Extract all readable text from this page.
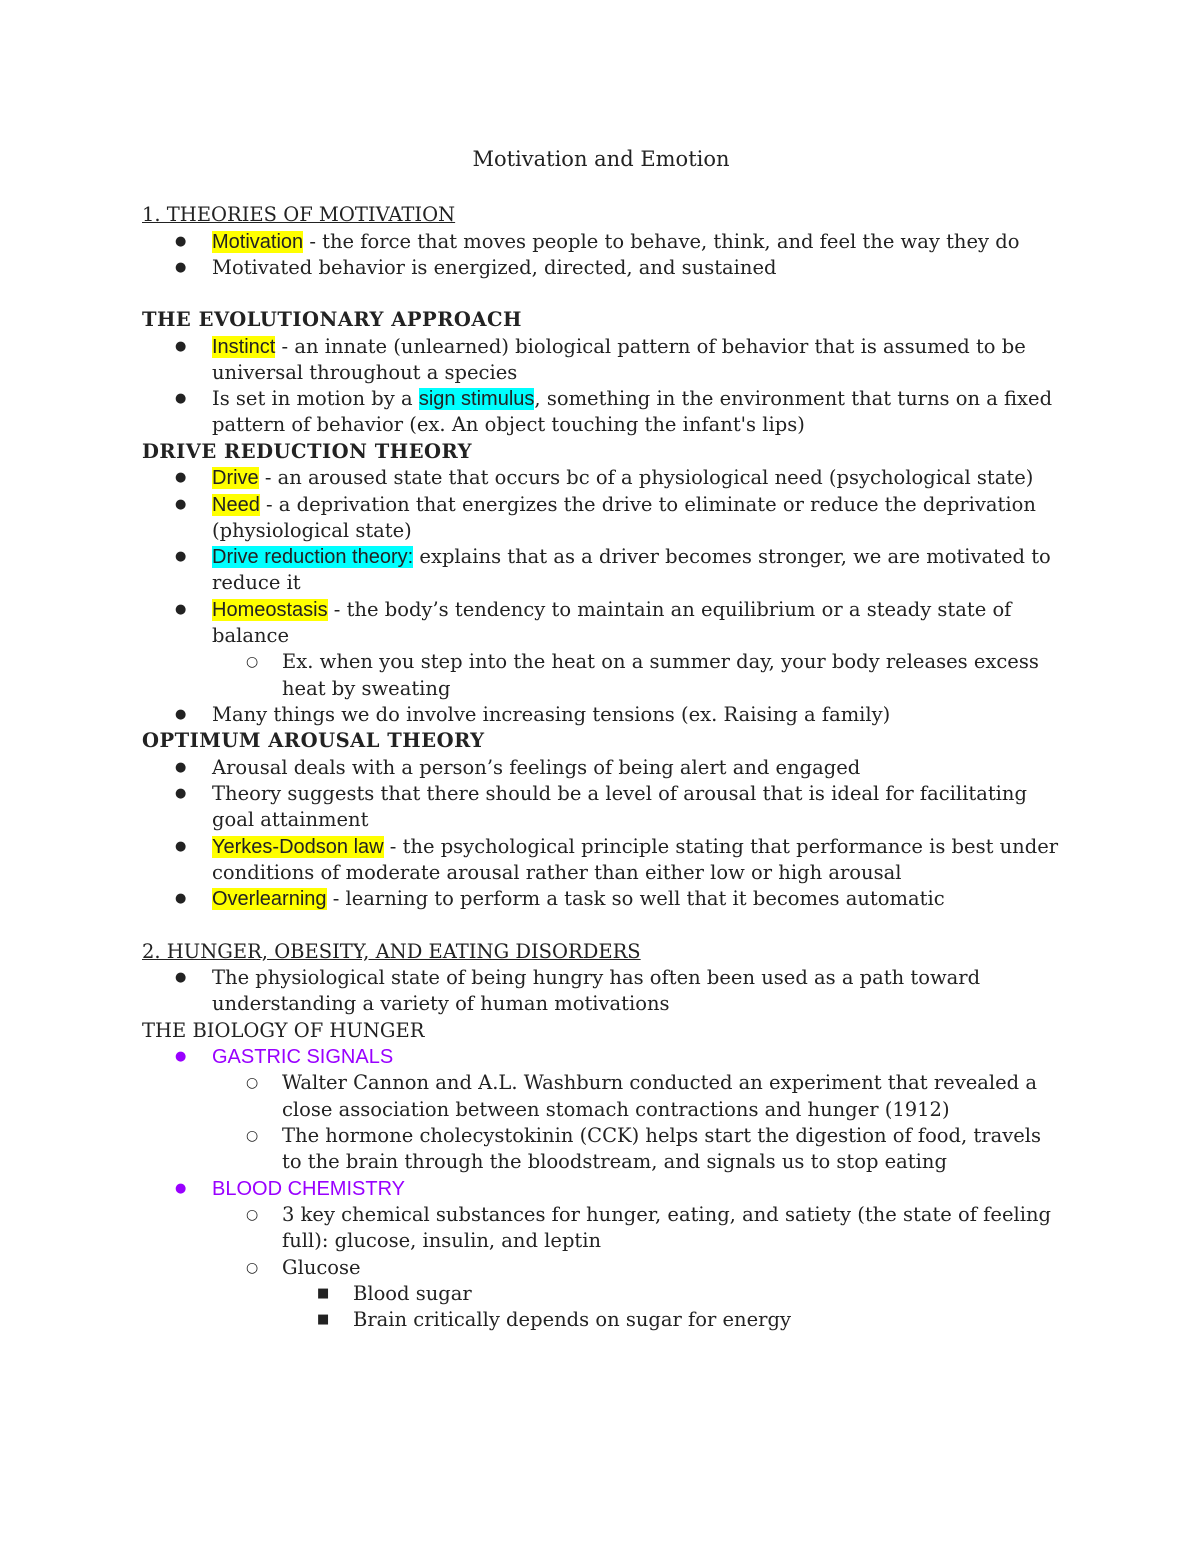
Motivation and Emotion

1. THEORIES OF MOTIVATION

● Motivation - the force that moves people to behave, think, and feel the way they do
● Motivated behavior is energized, directed, and sustained

THE EVOLUTIONARY APPROACH

● Instinct - an innate (unlearned) biological pattern of behavior that is assumed to be universal throughout a species
● Is set in motion by a sign stimulus, something in the environment that turns on a fixed pattern of behavior (ex. An object touching the infant's lips)

DRIVE REDUCTION THEORY

● Drive - an aroused state that occurs bc of a physiological need (psychological state)
● Need - a deprivation that energizes the drive to eliminate or reduce the deprivation (physiological state)
● Drive reduction theory: explains that as a driver becomes stronger, we are motivated to reduce it
● Homeostasis - the body’s tendency to maintain an equilibrium or a steady state of balance
○ Ex. when you step into the heat on a summer day, your body releases excess heat by sweating
● Many things we do involve increasing tensions (ex. Raising a family)

OPTIMUM AROUSAL THEORY

● Arousal deals with a person’s feelings of being alert and engaged
● Theory suggests that there should be a level of arousal that is ideal for facilitating goal attainment
● Yerkes-Dodson law - the psychological principle stating that performance is best under conditions of moderate arousal rather than either low or high arousal
● Overlearning - learning to perform a task so well that it becomes automatic

2. HUNGER, OBESITY, AND EATING DISORDERS

● The physiological state of being hungry has often been used as a path toward understanding a variety of human motivations

THE BIOLOGY OF HUNGER

● GASTRIC SIGNALS
○ Walter Cannon and A.L. Washburn conducted an experiment that revealed a close association between stomach contractions and hunger (1912)
○ The hormone cholecystokinin (CCK) helps start the digestion of food, travels to the brain through the bloodstream, and signals us to stop eating
● BLOOD CHEMISTRY
○ 3 key chemical substances for hunger, eating, and satiety (the state of feeling full): glucose, insulin, and leptin
○ Glucose
■ Blood sugar
■ Brain critically depends on sugar for energy
